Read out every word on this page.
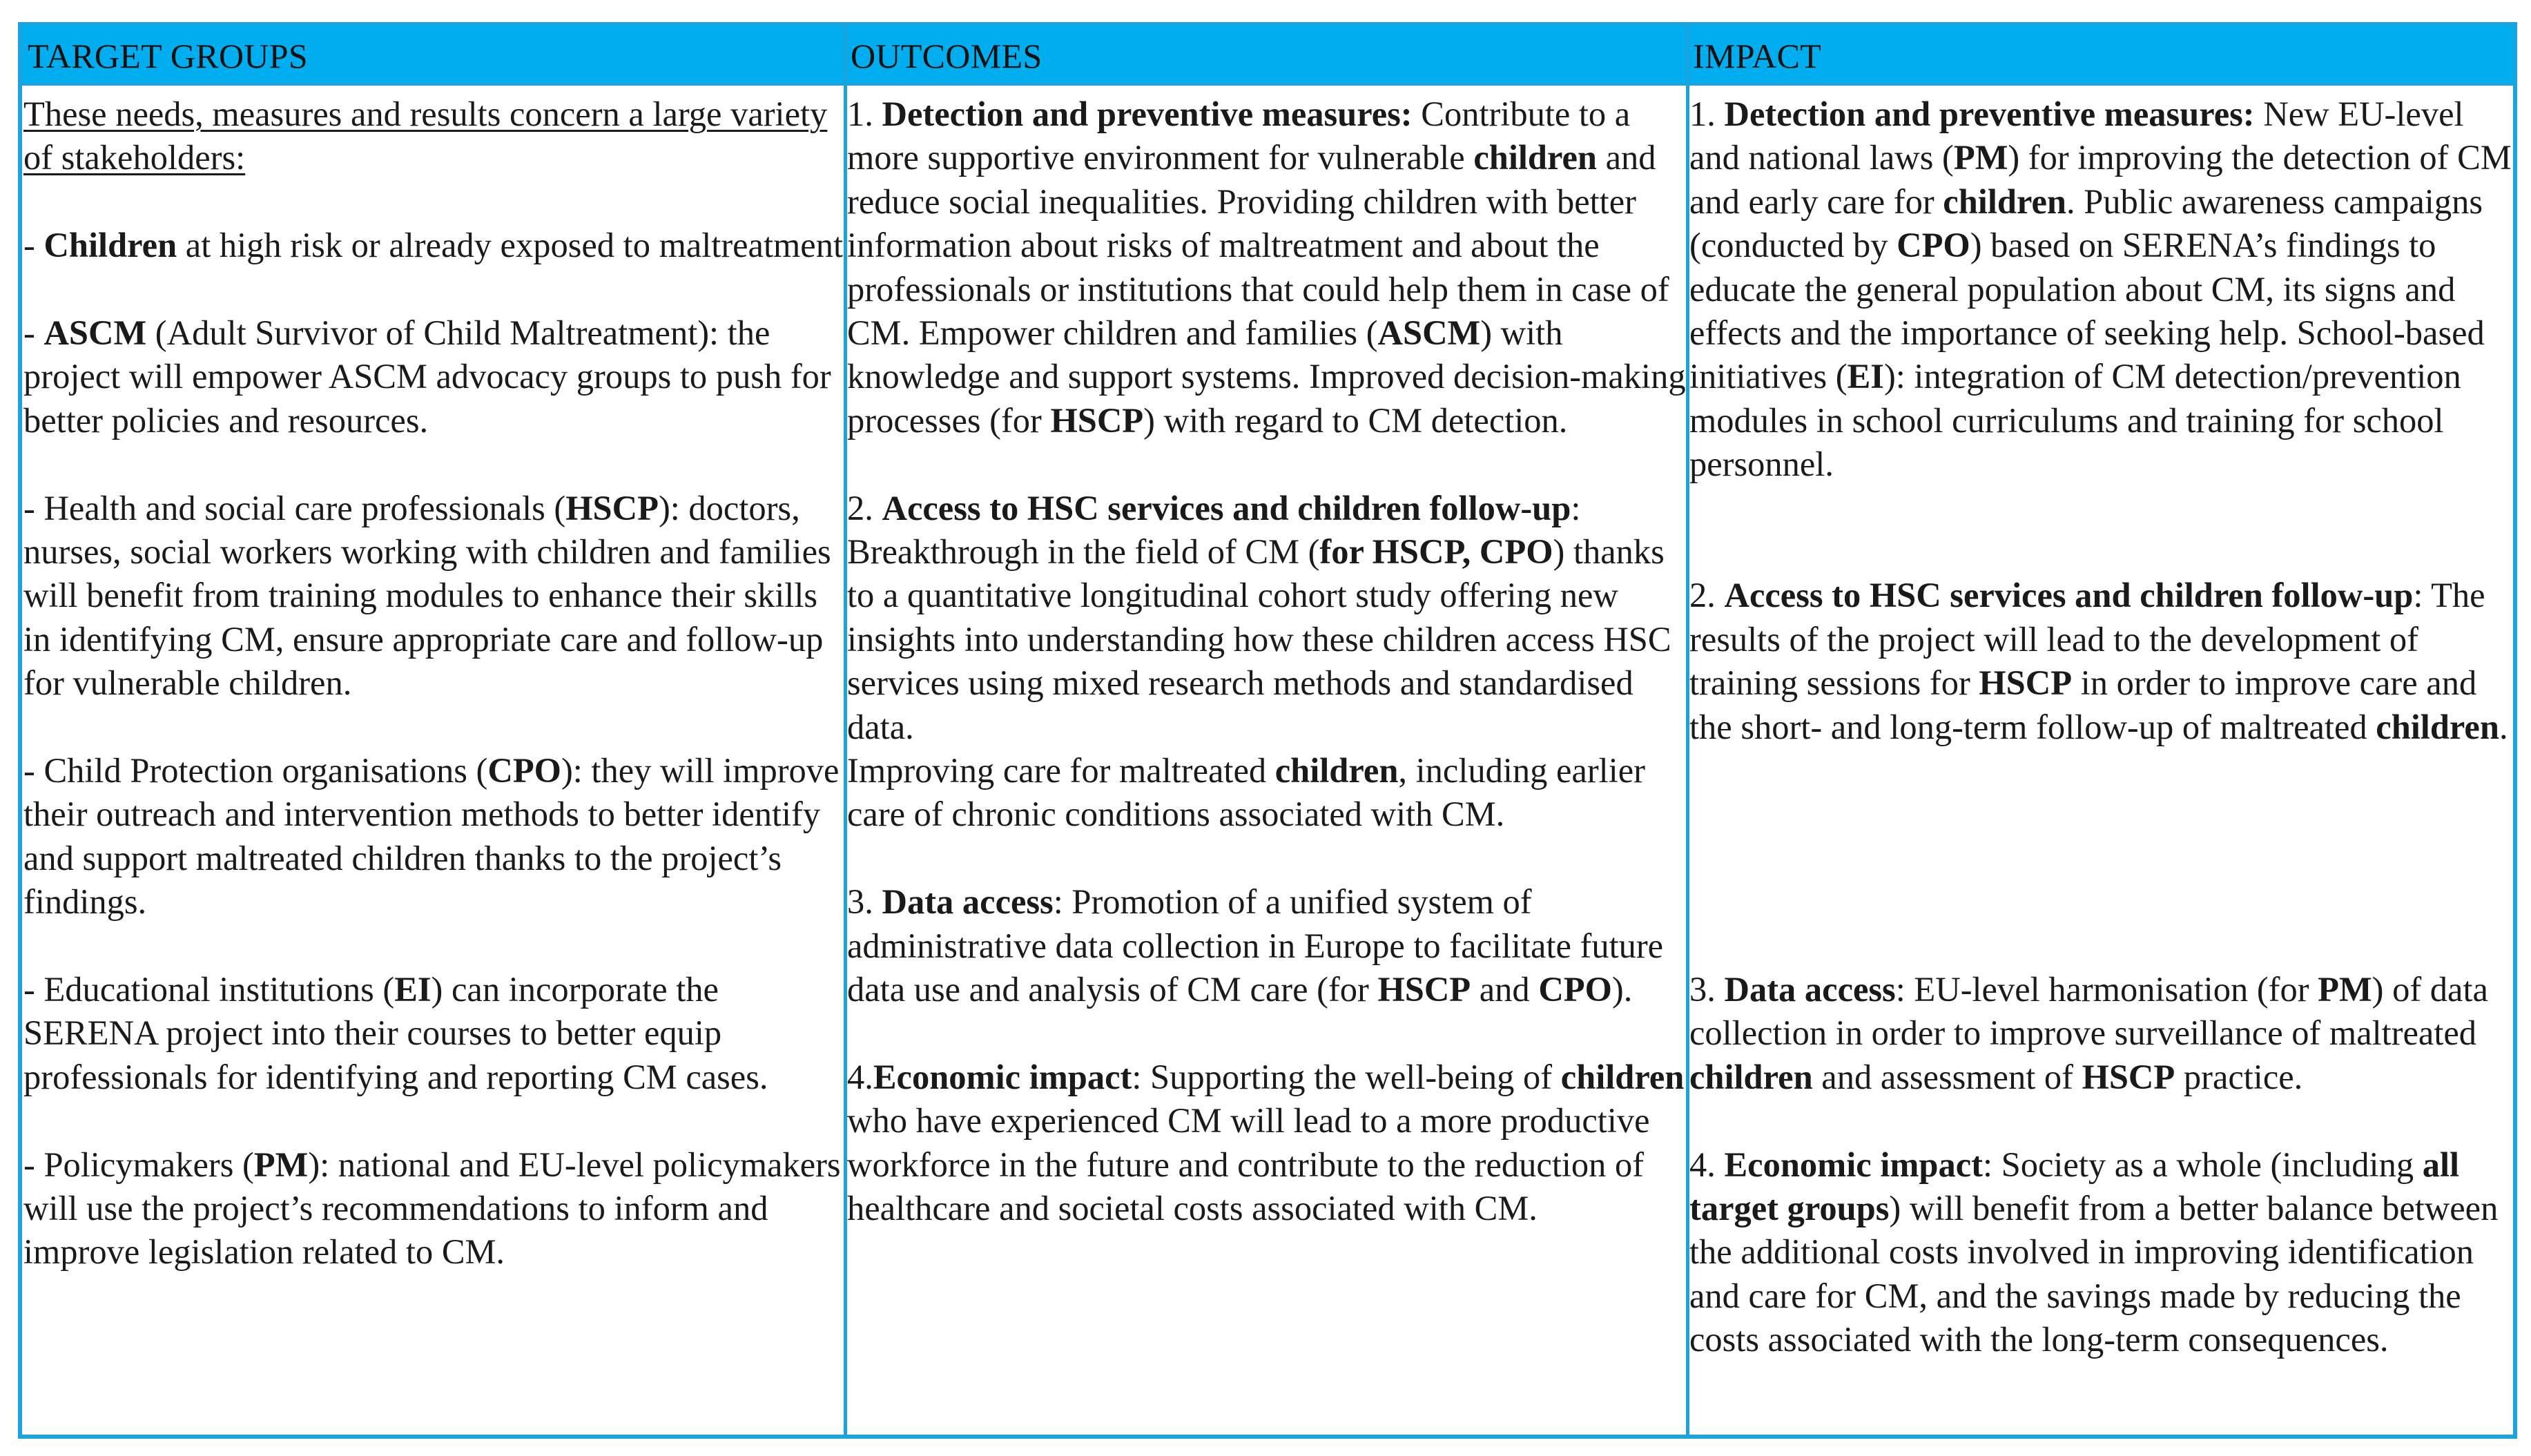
TARGET GROUPS	OUTCOMES	IMPACT

These needs, measures and results concern a large variety of stakeholders:

- Children at high risk or already exposed to maltreatment

- ASCM (Adult Survivor of Child Maltreatment): the project will empower ASCM advocacy groups to push for better policies and resources.

- Health and social care professionals (HSCP): doctors, nurses, social workers working with children and families will benefit from training modules to enhance their skills in identifying CM, ensure appropriate care and follow-up for vulnerable children.

- Child Protection organisations (CPO): they will improve their outreach and intervention methods to better identify and support maltreated children thanks to the project’s findings.

- Educational institutions (EI) can incorporate the SERENA project into their courses to better equip professionals for identifying and reporting CM cases.

- Policymakers (PM): national and EU-level policymakers will use the project’s recommendations to inform and improve legislation related to CM.

1. Detection and preventive measures: Contribute to a more supportive environment for vulnerable children and reduce social inequalities. Providing children with better information about risks of maltreatment and about the professionals or institutions that could help them in case of CM. Empower children and families (ASCM) with knowledge and support systems. Improved decision-making processes (for HSCP) with regard to CM detection.

2. Access to HSC services and children follow-up: Breakthrough in the field of CM (for HSCP, CPO) thanks to a quantitative longitudinal cohort study offering new insights into understanding how these children access HSC services using mixed research methods and standardised data.

Improving care for maltreated children, including earlier care of chronic conditions associated with CM.

3. Data access: Promotion of a unified system of administrative data collection in Europe to facilitate future data use and analysis of CM care (for HSCP and CPO).

4.Economic impact: Supporting the well-being of children who have experienced CM will lead to a more productive workforce in the future and contribute to the reduction of healthcare and societal costs associated with CM.

1. Detection and preventive measures: New EU-level and national laws (PM) for improving the detection of CM and early care for children. Public awareness campaigns (conducted by CPO) based on SERENA’s findings to educate the general population about CM, its signs and effects and the importance of seeking help. School-based initiatives (EI): integration of CM detection/prevention modules in school curriculums and training for school personnel.

2. Access to HSC services and children follow-up: The results of the project will lead to the development of training sessions for HSCP in order to improve care and the short- and long-term follow-up of maltreated children.

3. Data access: EU-level harmonisation (for PM) of data collection in order to improve surveillance of maltreated children and assessment of HSCP practice.

4. Economic impact: Society as a whole (including all target groups) will benefit from a better balance between the additional costs involved in improving identification and care for CM, and the savings made by reducing the costs associated with the long-term consequences.
